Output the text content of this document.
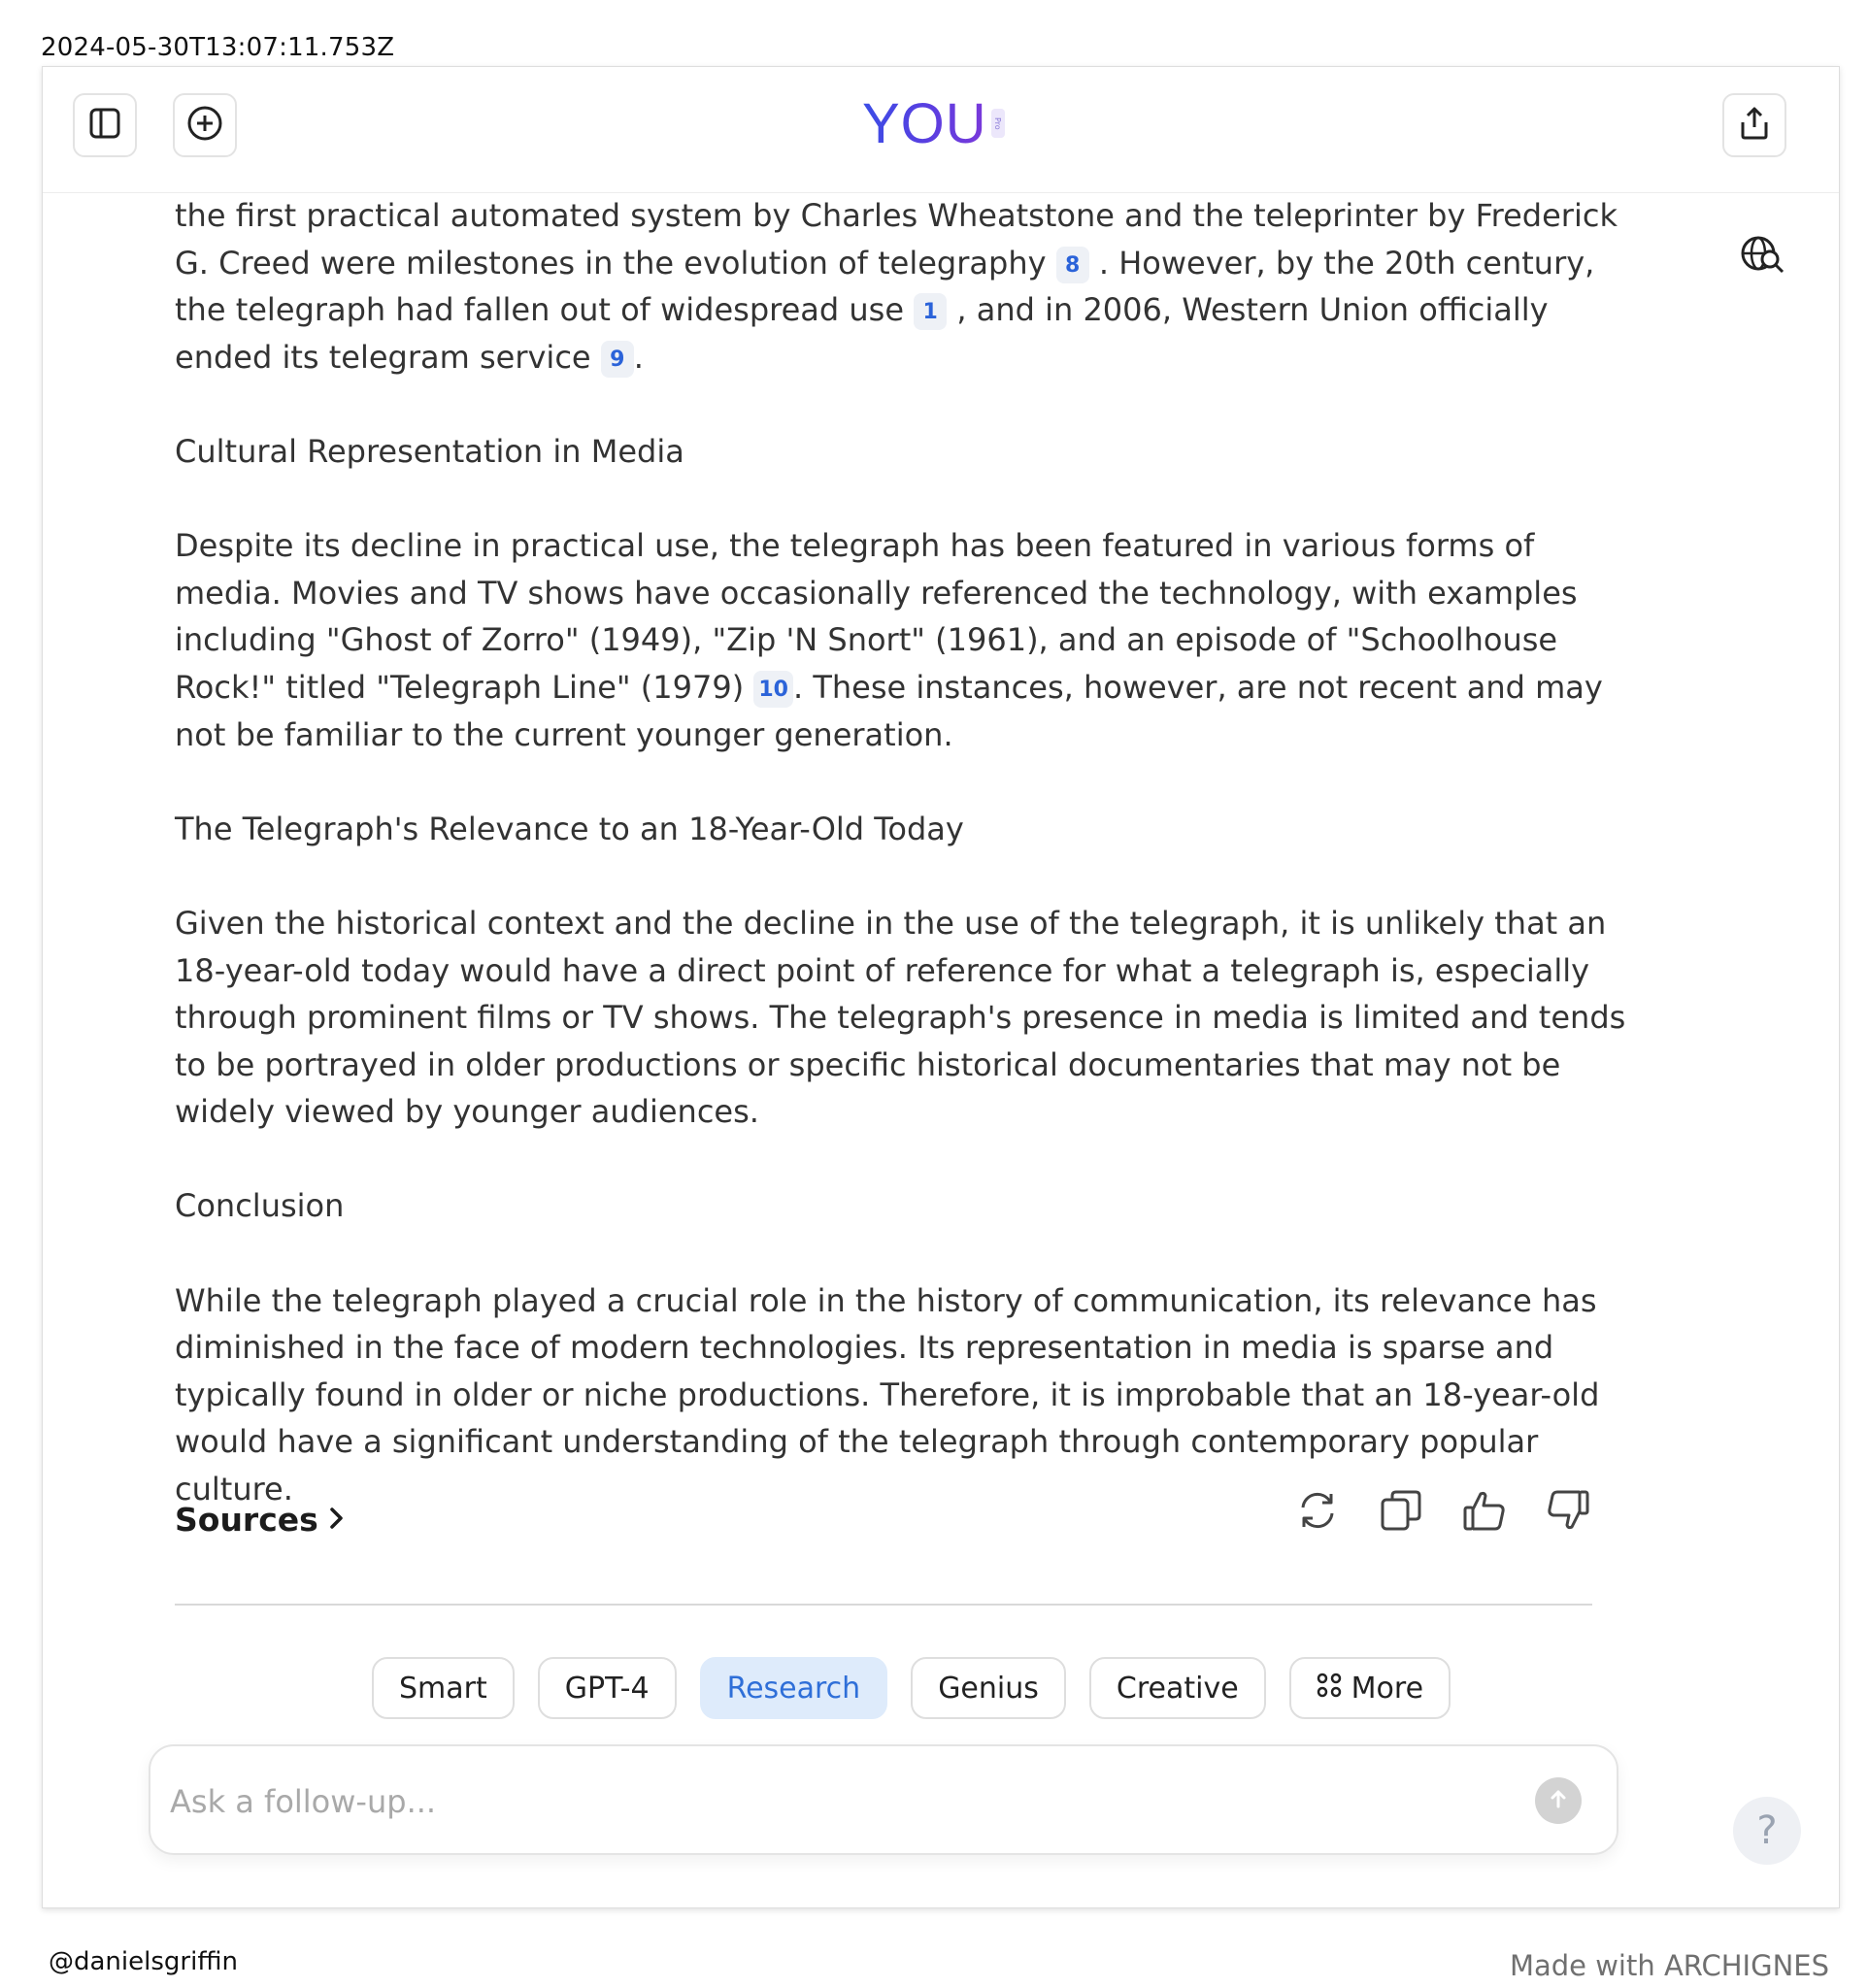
2024-05-30T13:07:11.753Z
YOU Pro

the first practical automated system by Charles Wheatstone and the teleprinter by Frederick G. Creed were milestones in the evolution of telegraphy 8 . However, by the 20th century, the telegraph had fallen out of widespread use 1 , and in 2006, Western Union officially ended its telegram service 9 .

Cultural Representation in Media

Despite its decline in practical use, the telegraph has been featured in various forms of media. Movies and TV shows have occasionally referenced the technology, with examples including "Ghost of Zorro" (1949), "Zip 'N Snort" (1961), and an episode of "Schoolhouse Rock!" titled "Telegraph Line" (1979) 10 . These instances, however, are not recent and may not be familiar to the current younger generation.

The Telegraph's Relevance to an 18-Year-Old Today

Given the historical context and the decline in the use of the telegraph, it is unlikely that an 18-year-old today would have a direct point of reference for what a telegraph is, especially through prominent films or TV shows. The telegraph's presence in media is limited and tends to be portrayed in older productions or specific historical documentaries that may not be widely viewed by younger audiences.

Conclusion

While the telegraph played a crucial role in the history of communication, its relevance has diminished in the face of modern technologies. Its representation in media is sparse and typically found in older or niche productions. Therefore, it is improbable that an 18-year-old would have a significant understanding of the telegraph through contemporary popular culture.

Sources
Smart	GPT-4	Research	Genius	Creative	More
Ask a follow-up...
?
@danielsgriffin	Made with ARCHIGNES
